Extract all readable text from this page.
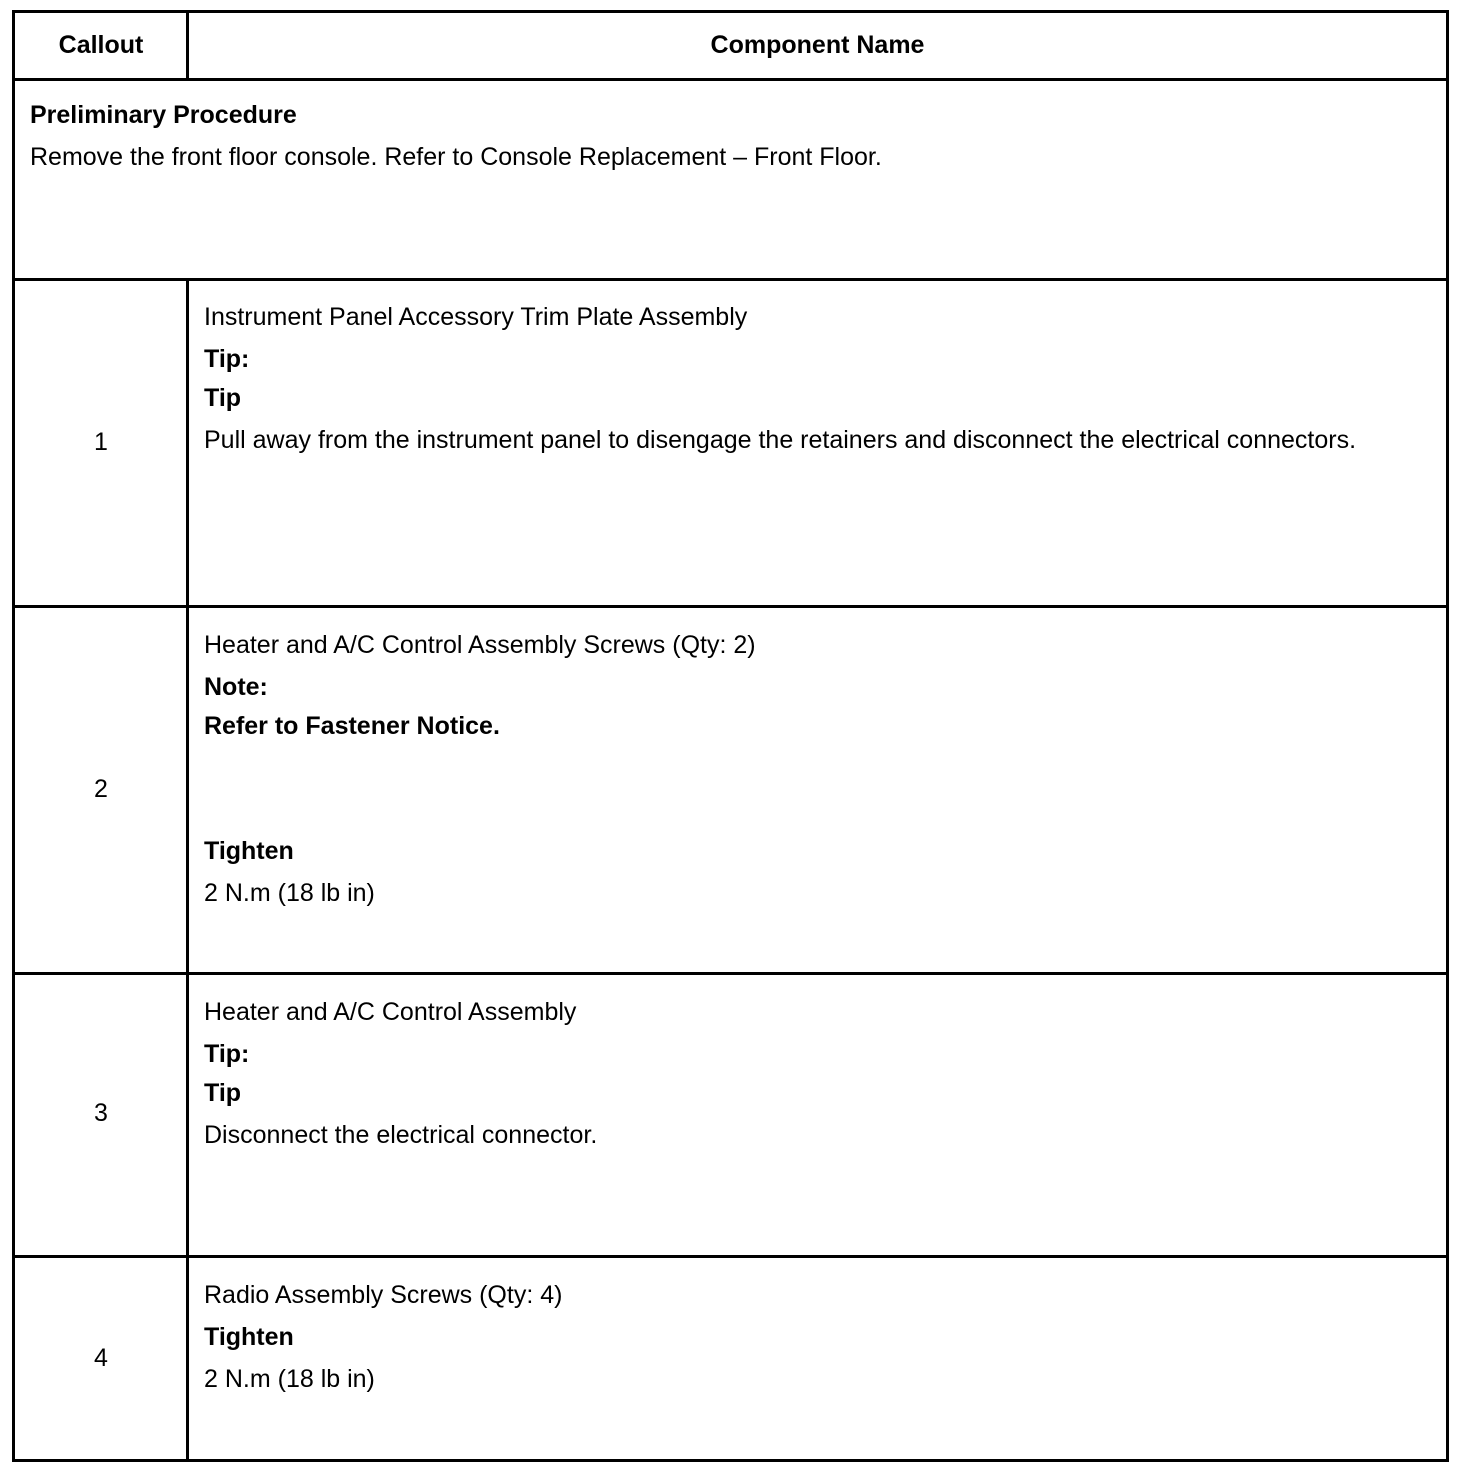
Callout	Component Name
Preliminary Procedure
Remove the front floor console. Refer to Console Replacement – Front Floor.
1
Instrument Panel Accessory Trim Plate Assembly
Tip:
Tip
Pull away from the instrument panel to disengage the retainers and disconnect the electrical connectors.
2
Heater and A/C Control Assembly Screws (Qty: 2)
Note:
Refer to Fastener Notice.
Tighten
2 N.m (18 lb in)
3
Heater and A/C Control Assembly
Tip:
Tip
Disconnect the electrical connector.
4
Radio Assembly Screws (Qty: 4)
Tighten
2 N.m (18 lb in)
